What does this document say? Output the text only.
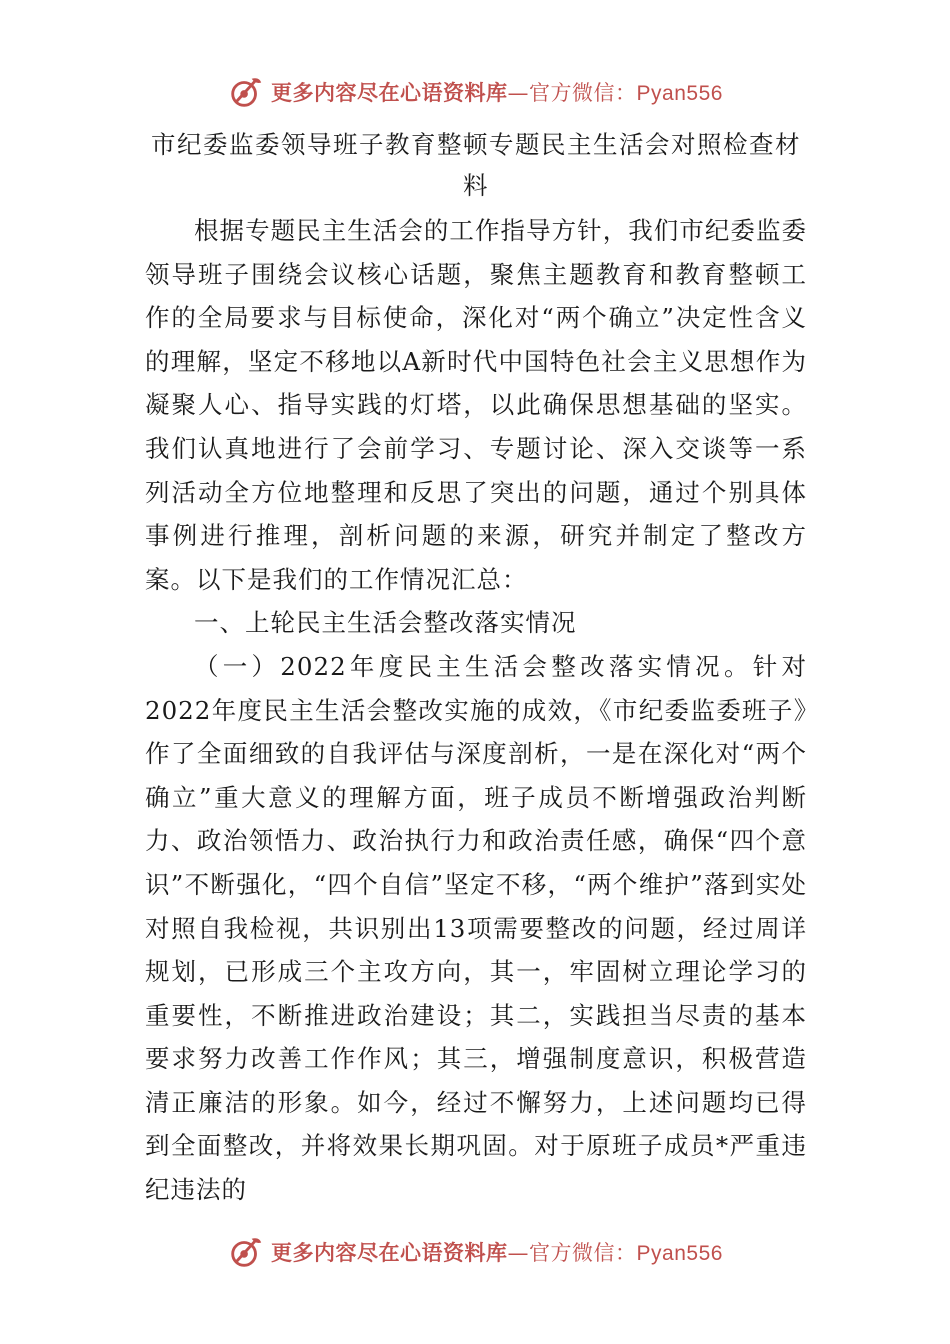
更多内容尽在心语资料库—官方微信：Pyan556
市纪委监委领导班子教育整顿专题民主生活会对照检查材料

根据专题民主生活会的工作指导方针，我们市纪委监委领导班子围绕会议核心话题，聚焦主题教育和教育整顿工作的全局要求与目标使命，深化对“两个确立”决定性含义的理解，坚定不移地以A新时代中国特色社会主义思想作为凝聚人心、指导实践的灯塔，以此确保思想基础的坚实。我们认真地进行了会前学习、专题讨论、深入交谈等一系列活动全方位地整理和反思了突出的问题，通过个别具体事例进行推理，剖析问题的来源，研究并制定了整改方案。以下是我们的工作情况汇总：

一、上轮民主生活会整改落实情况

（一）2022年度民主生活会整改落实情况。针对2022年度民主生活会整改实施的成效，《市纪委监委班子》作了全面细致的自我评估与深度剖析，一是在深化对“两个确立”重大意义的理解方面，班子成员不断增强政治判断力、政治领悟力、政治执行力和政治责任感，确保“四个意识”不断强化，“四个自信”坚定不移，“两个维护”落到实处对照自我检视，共识别出13项需要整改的问题，经过周详规划，已形成三个主攻方向，其一，牢固树立理论学习的重要性，不断推进政治建设；其二，实践担当尽责的基本要求努力改善工作作风；其三，增强制度意识，积极营造清正廉洁的形象。如今，经过不懈努力，上述问题均已得到全面整改，并将效果长期巩固。对于原班子成员*严重违纪违法的

更多内容尽在心语资料库—官方微信：Pyan556
